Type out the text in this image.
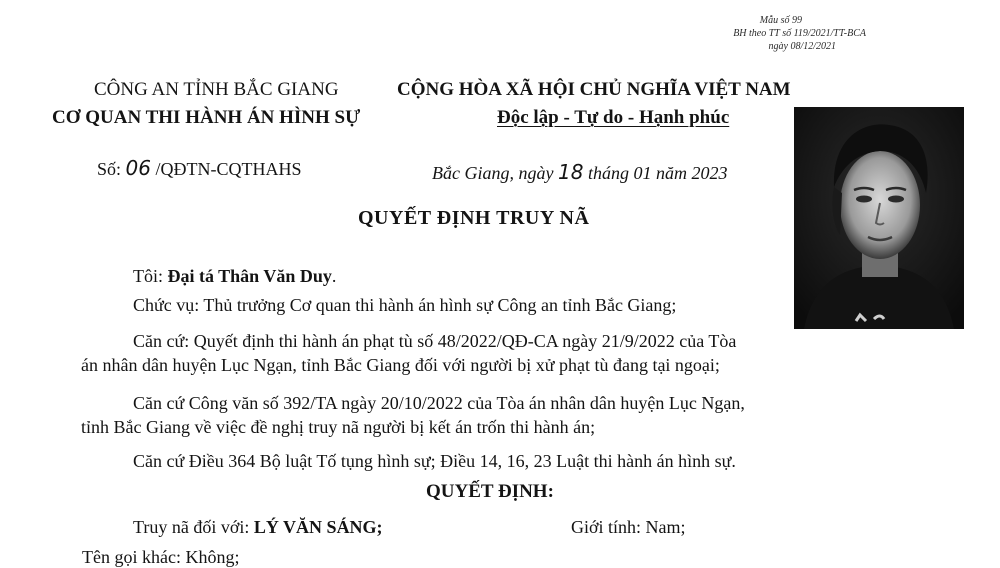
Mẫu số 99
BH theo TT số 119/2021/TT-BCA
ngày 08/12/2021
CÔNG AN TỈNH BẮC GIANG
CƠ QUAN THI HÀNH ÁN HÌNH SỰ
CỘNG HÒA XÃ HỘI CHỦ NGHĨA VIỆT NAM
Độc lập - Tự do - Hạnh phúc
Số: 06 /QĐTN-CQTHAHS	Bắc Giang, ngày 18 tháng 01 năm 2023
QUYẾT ĐỊNH TRUY NÃ
Tôi: Đại tá Thân Văn Duy.
Chức vụ: Thủ trưởng Cơ quan thi hành án hình sự Công an tỉnh Bắc Giang;
Căn cứ: Quyết định thi hành án phạt tù số 48/2022/QĐ-CA ngày 21/9/2022 của Tòa
án nhân dân huyện Lục Ngạn, tỉnh Bắc Giang đối với người bị xử phạt tù đang tại ngoại;
Căn cứ Công văn số 392/TA ngày 20/10/2022 của Tòa án nhân dân huyện Lục Ngạn,
tỉnh Bắc Giang về việc đề nghị truy nã người bị kết án trốn thi hành án;
Căn cứ Điều 364 Bộ luật Tố tụng hình sự; Điều 14, 16, 23 Luật thi hành án hình sự.
QUYẾT ĐỊNH:
Truy nã đối với: LÝ VĂN SÁNG;	Giới tính: Nam;
Tên gọi khác: Không;
